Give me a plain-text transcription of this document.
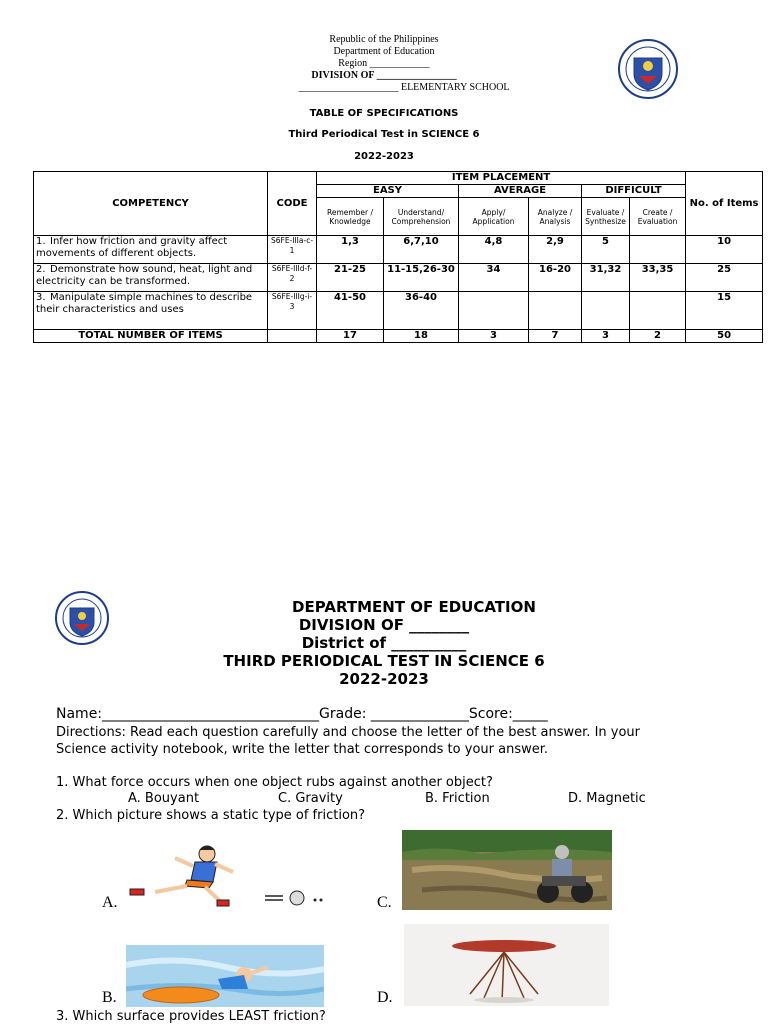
Republic of the Philippines
Department of Education
Region ____________
DIVISION OF ________________
____________________ ELEMENTARY SCHOOL
TABLE OF SPECIFICATIONS
Third Periodical Test in SCIENCE 6
2022-2023
COMPETENCY	CODE	ITEM PLACEMENT						No. of Items
		EASY		AVERAGE		DIFFICULT		
		Remember / Knowledge	Understand/ Comprehension	Apply/ Application	Analyze / Analysis	Evaluate / Synthesize	Create / Evaluation	
1. Infer how friction and gravity affect movements of different objects.	S6FE-IIIa-c-1	1,3	6,7,10	4,8	2,9	5		10
2. Demonstrate how sound, heat, light and electricity can be transformed.	S6FE-IIId-f-2	21-25	11-15,26-30	34	16-20	31,32	33,35	25
3. Manipulate simple machines to describe their characteristics and uses	S6FE-IIIg-i-3	41-50	36-40					15
TOTAL NUMBER OF ITEMS		17	18	3	7	3	2	50
DEPARTMENT OF EDUCATION
DIVISION OF ________
District of __________
THIRD PERIODICAL TEST IN SCIENCE 6
2022-2023
Name:_______________________________Grade: ______________Score:_____
Directions: Read each question carefully and choose the letter of the best answer. In your
Science activity notebook, write the letter that corresponds to your answer.
1. What force occurs when one object rubs against another object?
A. Bouyant	C. Gravity	B. Friction	D. Magnetic
2. Which picture shows a static type of friction?
A.	C.
B.	D.
3. Which surface provides LEAST friction?
